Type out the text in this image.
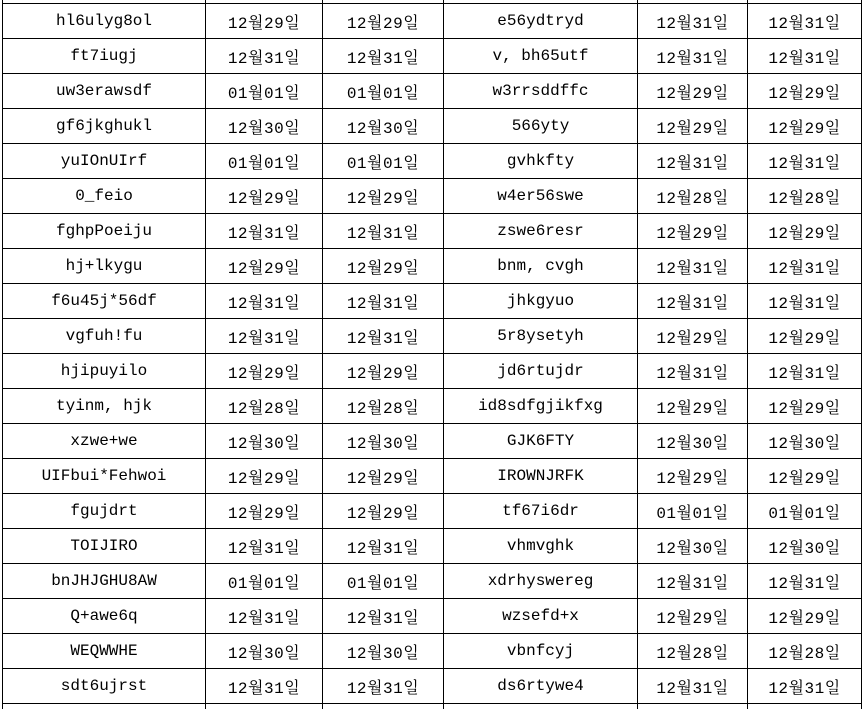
hl6ulyg8ol	12월29일	12월29일	e56ydtryd	12월31일	12월31일
ft7iugj	12월31일	12월31일	v, bh65utf	12월31일	12월31일
uw3erawsdf	01월01일	01월01일	w3rrsddffc	12월29일	12월29일
gf6jkghukl	12월30일	12월30일	566yty	12월29일	12월29일
yuIOnUIrf	01월01일	01월01일	gvhkfty	12월31일	12월31일
0_feio	12월29일	12월29일	w4er56swe	12월28일	12월28일
fghpPoeiju	12월31일	12월31일	zswe6resr	12월29일	12월29일
hj+lkygu	12월29일	12월29일	bnm, cvgh	12월31일	12월31일
f6u45j*56df	12월31일	12월31일	jhkgyuo	12월31일	12월31일
vgfuh!fu	12월31일	12월31일	5r8ysetyh	12월29일	12월29일
hjipuyilo	12월29일	12월29일	jd6rtujdr	12월31일	12월31일
tyinm, hjk	12월28일	12월28일	id8sdfgjikfxg	12월29일	12월29일
xzwe+we	12월30일	12월30일	GJK6FTY	12월30일	12월30일
UIFbui*Fehwoi	12월29일	12월29일	IROWNJRFK	12월29일	12월29일
fgujdrt	12월29일	12월29일	tf67i6dr	01월01일	01월01일
TOIJIRO	12월31일	12월31일	vhmvghk	12월30일	12월30일
bnJHJGHU8AW	01월01일	01월01일	xdrhyswereg	12월31일	12월31일
Q+awe6q	12월31일	12월31일	wzsefd+x	12월29일	12월29일
WEQWWHE	12월30일	12월30일	vbnfcyj	12월28일	12월28일
sdt6ujrst	12월31일	12월31일	ds6rtywe4	12월31일	12월31일
